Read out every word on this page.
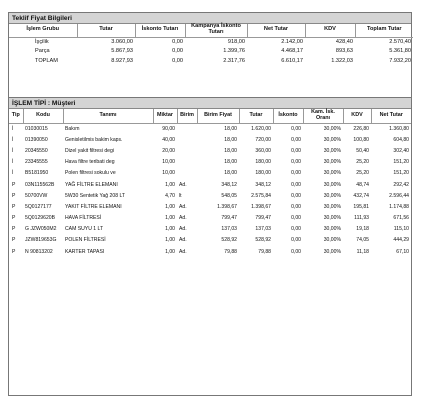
Teklif Fiyat Bilgileri
İşlem Grubu	Tutar	İskonto Tutarı	Kampanya İskonto Tutarı	Net Tutar	KDV	Toplam Tutar
İşçilik	3.060,00	0,00	918,00	2.142,00	428,40	2.570,40
Parça	5.867,93	0,00	1.399,76	4.468,17	893,63	5.361,80
TOPLAM	8.927,93	0,00	2.317,76	6.610,17	1.322,03	7.932,20
İŞLEM TİPİ : Müşteri
Tip	Kodu	Tanımı	Miktar	Birim	Birim Fiyat	Tutar	İskonto	Kam. İsk. Oranı	KDV	Net Tutar
İ	01030015	Bakım	90,00		18,00	1.620,00	0,00	30,00%	226,80	1.360,80
İ	01390050	Genisletilmis bakim kaps.	40,00		18,00	720,00	0,00	30,00%	100,80	604,80
İ	20345550	Dizel yakit filtresi degi	20,00		18,00	360,00	0,00	30,00%	50,40	302,40
İ	23345555	Hava filtre teribati deg	10,00		18,00	180,00	0,00	30,00%	25,20	151,20
İ	B5181950	Polen filtresi sokulu ve	10,00		18,00	180,00	0,00	30,00%	25,20	151,20
P	03N115562B	YAĞ FİLTRE ELEMANI	1,00	Ad.	348,12	348,12	0,00	30,00%	48,74	292,42
P	50700VW	5W30 Sentetik Yağ 208 LT	4,70	lt	548,05	2.575,84	0,00	30,00%	432,74	2.596,44
P	5Q0127177	YAKIT FİLTRE ELEMANI	1,00	Ad.	1.398,67	1.398,67	0,00	30,00%	195,81	1.174,88
P	5Q0129620B	HAVA FİLTRESİ	1,00	Ad.	799,47	799,47	0,00	30,00%	111,93	671,56
P	G JZW050M2	CAM SUYU 1 LT	1,00	Ad.	137,03	137,03	0,00	30,00%	19,18	115,10
P	JZW819653G	POLEN FİLTRESİ	1,00	Ad.	528,92	528,92	0,00	30,00%	74,05	444,29
P	N 90813202	KARTER TAPASI	1,00	Ad.	79,88	79,88	0,00	30,00%	11,18	67,10
